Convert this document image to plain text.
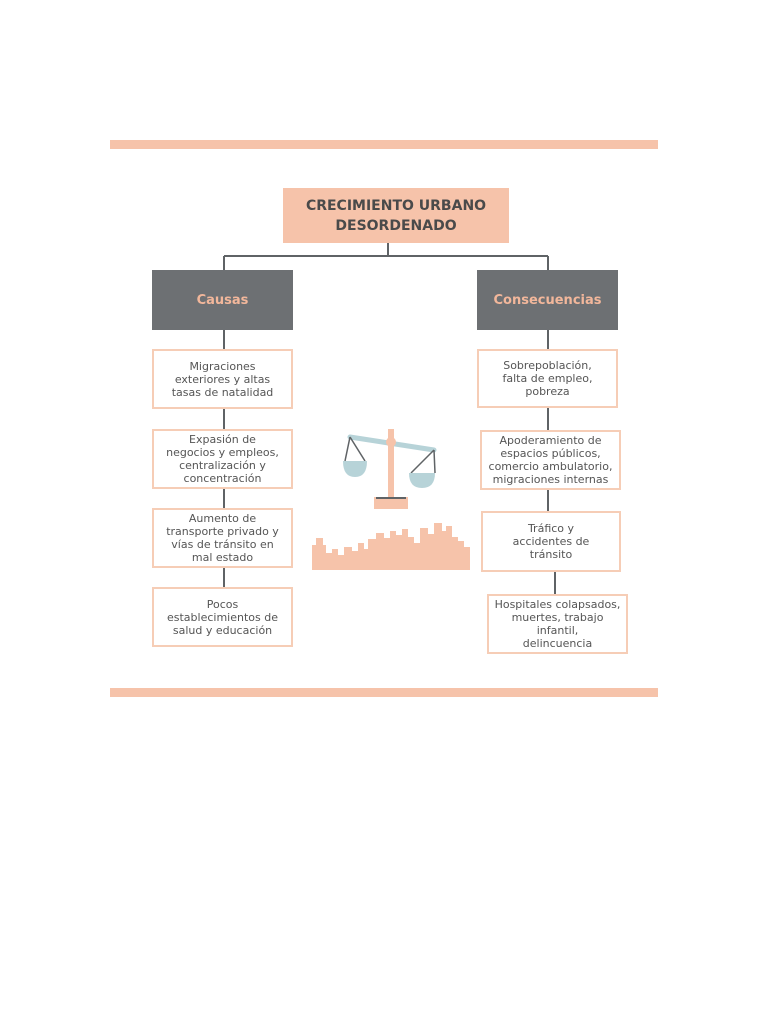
CRECIMIENTO URBANO
DESORDENADO
Causas	Consecuencias
Migraciones
exteriores y altas
tasas de natalidad
Expasión de
negocios y empleos,
centralización y
concentración
Aumento de
transporte privado y
vías de tránsito en
mal estado
Pocos
establecimientos de
salud y educación
Sobrepoblación,
falta de empleo,
pobreza
Apoderamiento de
espacios públicos,
comercio ambulatorio,
migraciones internas
Tráfico y
accidentes de
tránsito
Hospitales colapsados,
muertes, trabajo infantil,
delincuencia
